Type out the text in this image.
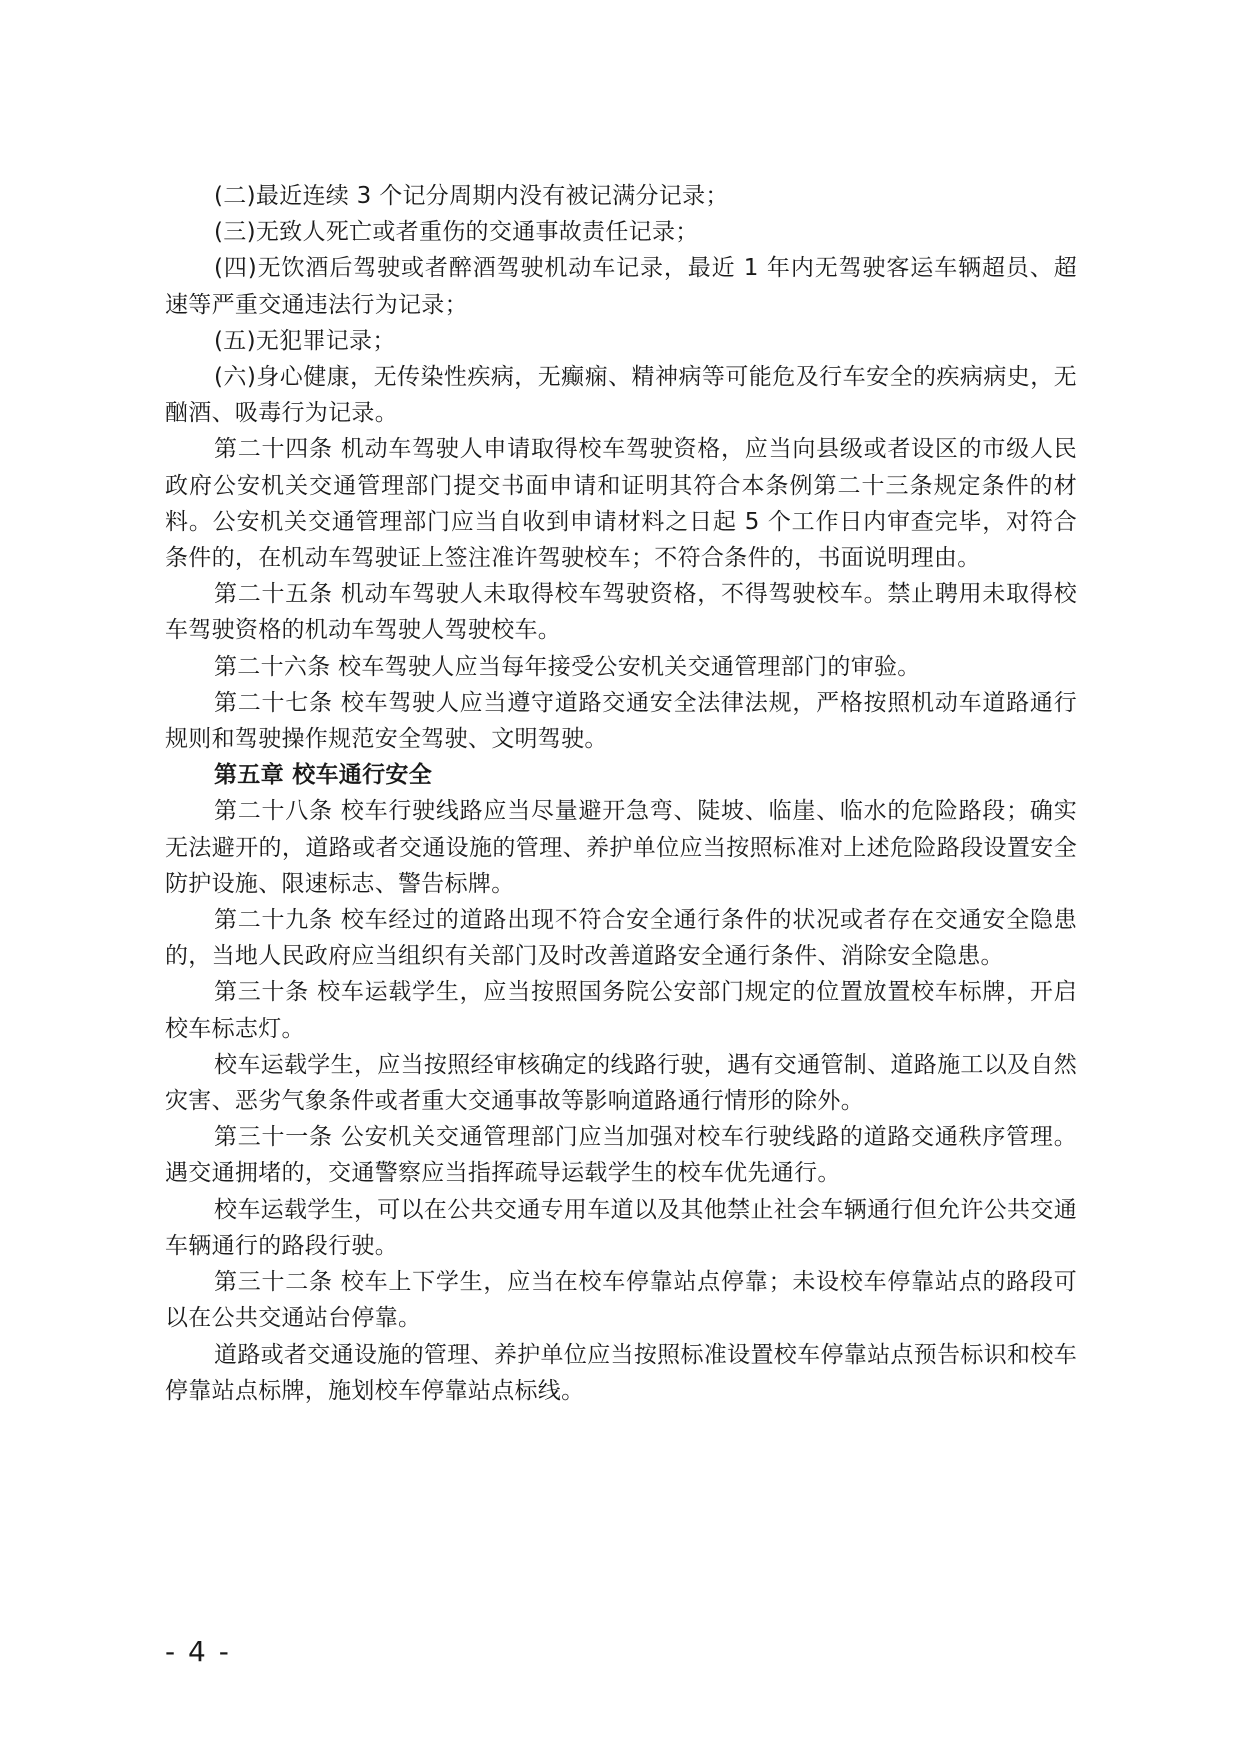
(二)最近连续 3 个记分周期内没有被记满分记录；

(三)无致人死亡或者重伤的交通事故责任记录；

(四)无饮酒后驾驶或者醉酒驾驶机动车记录，最近 1 年内无驾驶客运车辆超员、超速等严重交通违法行为记录；

(五)无犯罪记录；

(六)身心健康，无传染性疾病，无癫痫、精神病等可能危及行车安全的疾病病史，无酗酒、吸毒行为记录。

第二十四条 机动车驾驶人申请取得校车驾驶资格，应当向县级或者设区的市级人民政府公安机关交通管理部门提交书面申请和证明其符合本条例第二十三条规定条件的材料。公安机关交通管理部门应当自收到申请材料之日起 5 个工作日内审查完毕，对符合条件的，在机动车驾驶证上签注准许驾驶校车；不符合条件的，书面说明理由。

第二十五条 机动车驾驶人未取得校车驾驶资格，不得驾驶校车。禁止聘用未取得校车驾驶资格的机动车驾驶人驾驶校车。

第二十六条 校车驾驶人应当每年接受公安机关交通管理部门的审验。

第二十七条 校车驾驶人应当遵守道路交通安全法律法规，严格按照机动车道路通行规则和驾驶操作规范安全驾驶、文明驾驶。

第五章 校车通行安全

第二十八条 校车行驶线路应当尽量避开急弯、陡坡、临崖、临水的危险路段；确实无法避开的，道路或者交通设施的管理、养护单位应当按照标准对上述危险路段设置安全防护设施、限速标志、警告标牌。

第二十九条 校车经过的道路出现不符合安全通行条件的状况或者存在交通安全隐患的，当地人民政府应当组织有关部门及时改善道路安全通行条件、消除安全隐患。

第三十条 校车运载学生，应当按照国务院公安部门规定的位置放置校车标牌，开启校车标志灯。

校车运载学生，应当按照经审核确定的线路行驶，遇有交通管制、道路施工以及自然灾害、恶劣气象条件或者重大交通事故等影响道路通行情形的除外。

第三十一条 公安机关交通管理部门应当加强对校车行驶线路的道路交通秩序管理。遇交通拥堵的，交通警察应当指挥疏导运载学生的校车优先通行。

校车运载学生，可以在公共交通专用车道以及其他禁止社会车辆通行但允许公共交通车辆通行的路段行驶。

第三十二条 校车上下学生，应当在校车停靠站点停靠；未设校车停靠站点的路段可以在公共交通站台停靠。

道路或者交通设施的管理、养护单位应当按照标准设置校车停靠站点预告标识和校车停靠站点标牌，施划校车停靠站点标线。

- 4 -
